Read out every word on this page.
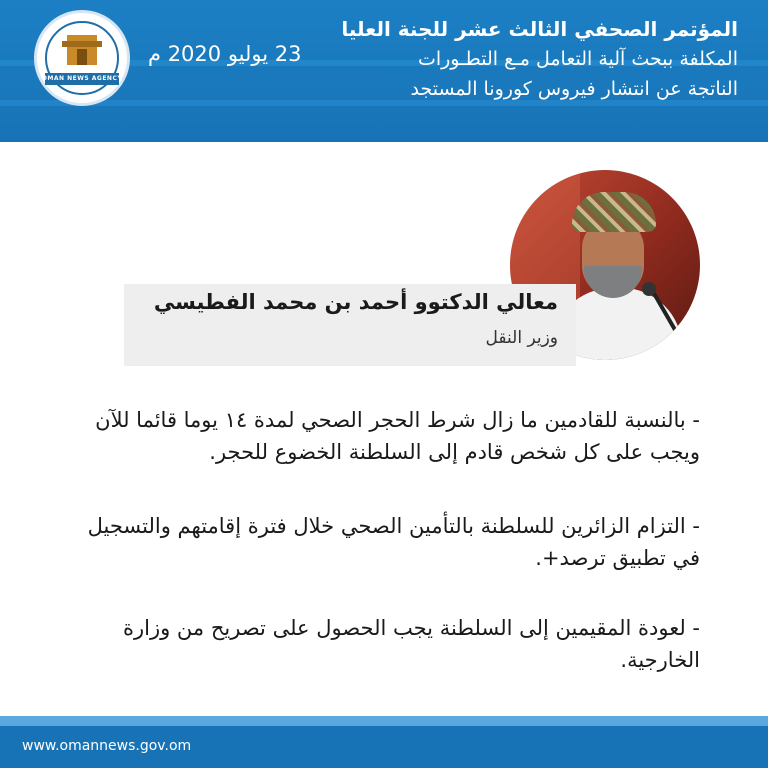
OMAN NEWS AGENCY
23 يوليو 2020 م
المؤتمر الصحفي الثالث عشر للجنة العليا
المكلفة ببحث آلية التعامل مـع التطـورات
الناتجة عن انتشار فيروس كورونا المستجد
معالي الدكتوو أحمد بن محمد الفطيسي
وزير النقل
- بالنسبة للقادمين ما زال شرط الحجر الصحي لمدة ١٤ يوما قائما للآن ويجب على كل شخص قادم إلى السلطنة الخضوع للحجر.
- التزام الزائرين للسلطنة بالتأمين الصحي خلال فترة إقامتهم والتسجيل في تطبيق ترصد+.
- لعودة المقيمين إلى السلطنة يجب الحصول على تصريح من وزارة الخارجية.
www.omannews.gov.om
